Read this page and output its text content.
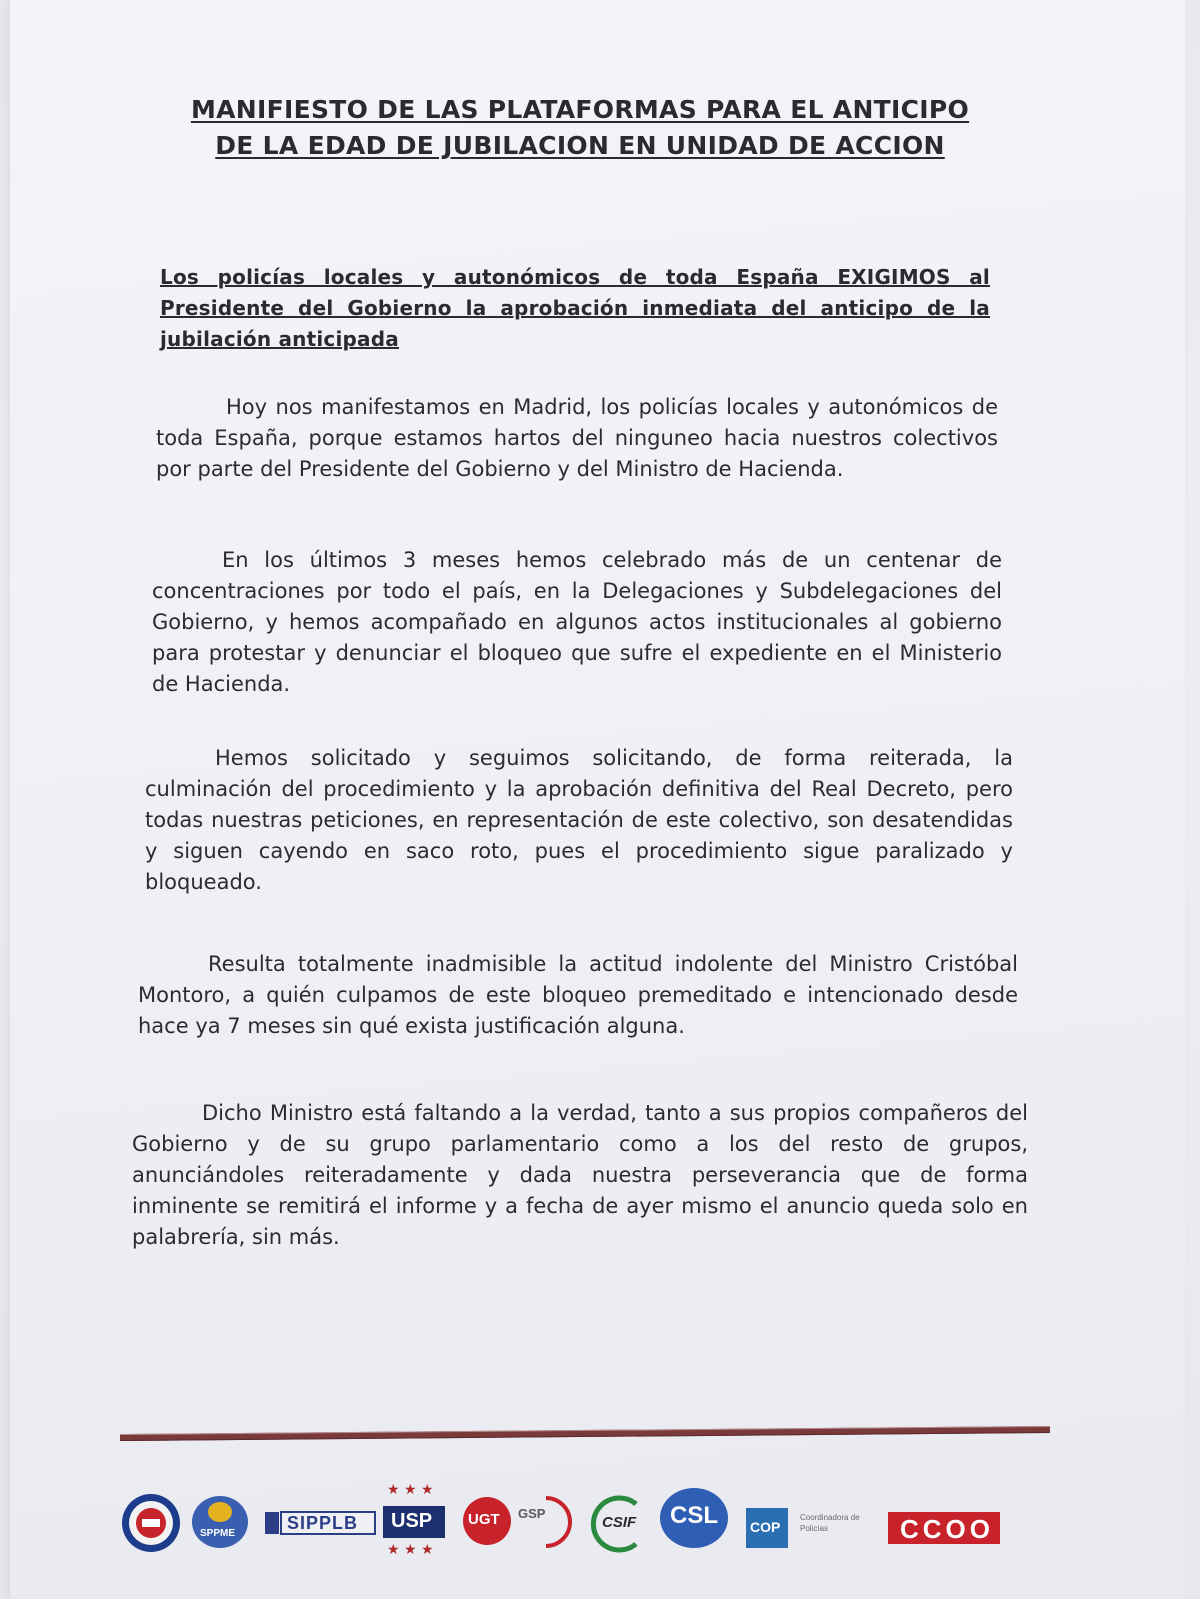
MANIFIESTO DE LAS PLATAFORMAS PARA EL ANTICIPO DE LA EDAD DE JUBILACION EN UNIDAD DE ACCION
Los policías locales y autonómicos de toda España EXIGIMOS al Presidente del Gobierno la aprobación inmediata del anticipo de la jubilación anticipada
Hoy nos manifestamos en Madrid, los policías locales y autonómicos de toda España, porque estamos hartos del ninguneo hacia nuestros colectivos por parte del Presidente del Gobierno y del Ministro de Hacienda.
En los últimos 3 meses hemos celebrado más de un centenar de concentraciones por todo el país, en la Delegaciones y Subdelegaciones del Gobierno, y hemos acompañado en algunos actos institucionales al gobierno para protestar y denunciar el bloqueo que sufre el expediente en el Ministerio de Hacienda.
Hemos solicitado y seguimos solicitando, de forma reiterada, la culminación del procedimiento y la aprobación definitiva del Real Decreto, pero todas nuestras peticiones, en representación de este colectivo, son desatendidas y siguen cayendo en saco roto, pues el procedimiento sigue paralizado y bloqueado.
Resulta totalmente inadmisible la actitud indolente del Ministro Cristóbal Montoro, a quién culpamos de este bloqueo premeditado e intencionado desde hace ya 7 meses sin qué exista justificación alguna.
Dicho Ministro está faltando a la verdad, tanto a sus propios compañeros del Gobierno y de su grupo parlamentario como a los del resto de grupos, anunciándoles reiteradamente y dada nuestra perseverancia que de forma inminente se remitirá el informe y a fecha de ayer mismo el anuncio queda solo en palabrería, sin más.
SPPME
SIPPLB
★ ★ ★
USP
★ ★ ★
UGT GSP
CSIF CSL COP
Coordinadora de Policías	CCOO
